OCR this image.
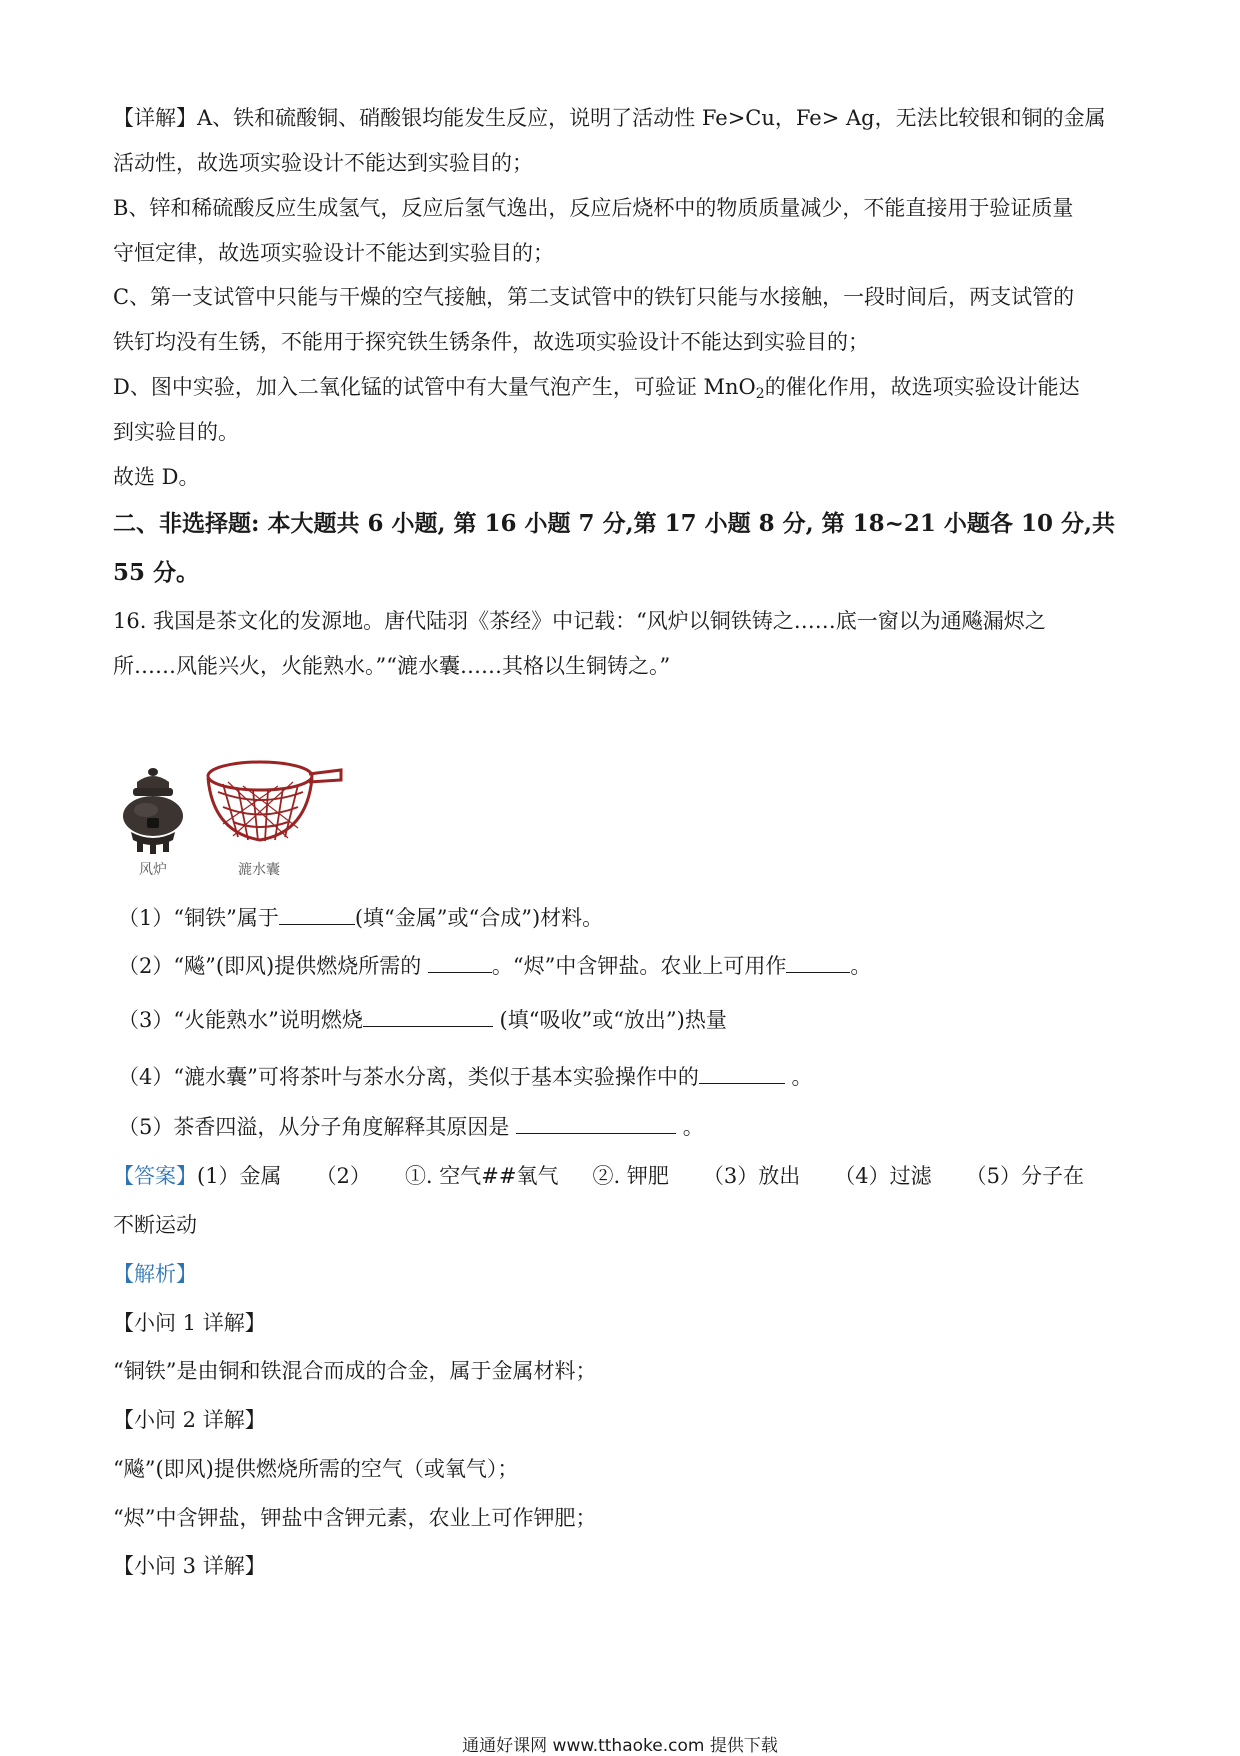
【详解】A、铁和硫酸铜、硝酸银均能发生反应，说明了活动性 Fe>Cu，Fe> Ag，无法比较银和铜的金属
活动性，故选项实验设计不能达到实验目的；
B、锌和稀硫酸反应生成氢气，反应后氢气逸出，反应后烧杯中的物质质量减少，不能直接用于验证质量
守恒定律，故选项实验设计不能达到实验目的；
C、第一支试管中只能与干燥的空气接触，第二支试管中的铁钉只能与水接触，一段时间后，两支试管的
铁钉均没有生锈，不能用于探究铁生锈条件，故选项实验设计不能达到实验目的；
D、图中实验，加入二氧化锰的试管中有大量气泡产生，可验证 MnO$_2$的催化作用，故选项实验设计能达
到实验目的。
故选 D。
二、非选择题: 本大题共 6 小题, 第 16 小题 7 分,第 17 小题 8 分, 第 18~21 小题各 10 分,共
55 分。
16. 我国是茶文化的发源地。唐代陆羽《茶经》中记载：“风炉以铜铁铸之……底一窗以为通飚漏烬之
所……风能兴火，火能熟水。”“漉水囊……其格以生铜铸之。”
风炉	漉水囊
（1）“铜铁”属于	(填“金属”或“合成”)材料。
（2）“飚”(即风)提供燃烧所需的	。“烬”中含钾盐。农业上可用作	。
（3）“火能熟水”说明燃烧	(填“吸收”或“放出”)热量
（4）“漉水囊”可将茶叶与茶水分离，类似于基本实验操作中的	。
（5）茶香四溢，从分子角度解释其原因是	。
【答案】(1）金属 （2） ①. 空气##氧气 ②. 钾肥 （3）放出 （4）过滤 （5）分子在
不断运动
【解析】
【小问 1 详解】
“铜铁”是由铜和铁混合而成的合金，属于金属材料；
【小问 2 详解】
“飚”(即风)提供燃烧所需的空气（或氧气）；
“烬”中含钾盐，钾盐中含钾元素，农业上可作钾肥；
【小问 3 详解】
通通好课网 www.tthaoke.com 提供下载
